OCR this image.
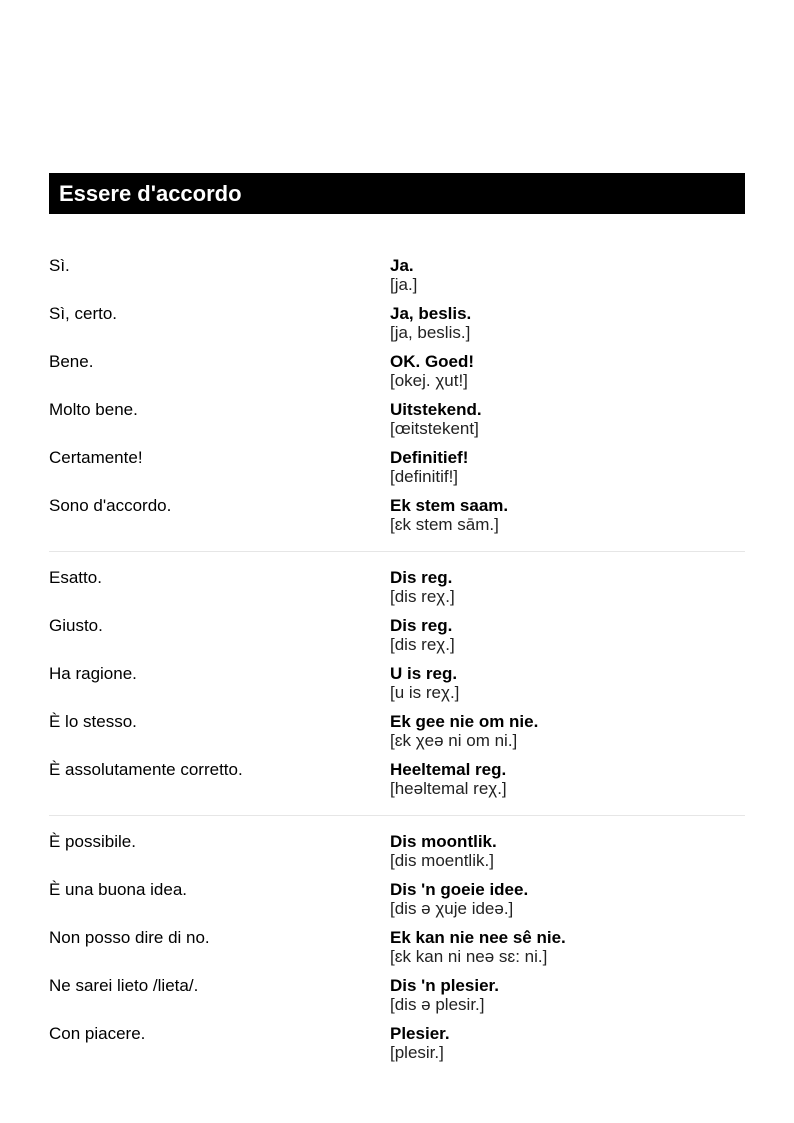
Essere d'accordo
Sì.	Ja.
[ja.]
Sì, certo.	Ja, beslis.
[ja, beslis.]
Bene.	OK. Goed!
[okej. χut!]
Molto bene.	Uitstekend.
[œitstekent]
Certamente!	Definitief!
[definitif!]
Sono d'accordo.	Ek stem saam.
[ɛk stem sām.]
Esatto.	Dis reg.
[dis reχ.]
Giusto.	Dis reg.
[dis reχ.]
Ha ragione.	U is reg.
[u is reχ.]
È lo stesso.	Ek gee nie om nie.
[ɛk χeə ni om ni.]
È assolutamente corretto.	Heeltemal reg.
[heəltemal reχ.]
È possibile.	Dis moontlik.
[dis moentlik.]
È una buona idea.	Dis 'n goeie idee.
[dis ə χuje ideə.]
Non posso dire di no.	Ek kan nie nee sê nie.
[ɛk kan ni neə sɛ: ni.]
Ne sarei lieto /lieta/.	Dis 'n plesier.
[dis ə plesir.]
Con piacere.	Plesier.
[plesir.]
